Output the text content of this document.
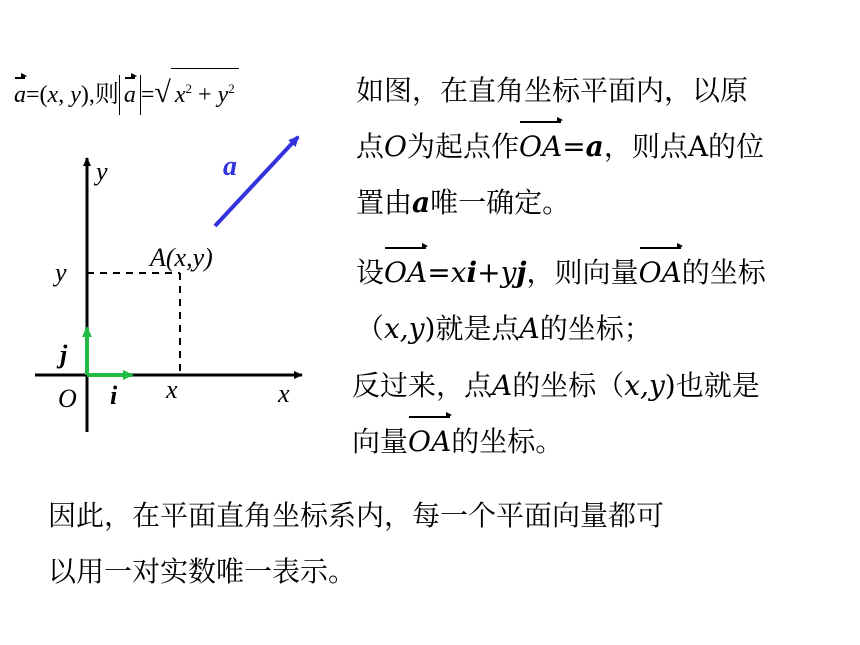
a=(x, y),则 a =√ $x^2 + y^2$
y
x
O
y
x
A(x,y)
i
j
a
如图，在直角坐标平面内，以原
点O为起点作OA=a，则点A的位
置由a唯一确定。
设OA=xi+yj，则向量OA的坐标
（x,y)就是点A的坐标；
反过来，点A的坐标（x,y)也就是
向量OA的坐标。
因此，在平面直角坐标系内，每一个平面向量都可
以用一对实数唯一表示。
